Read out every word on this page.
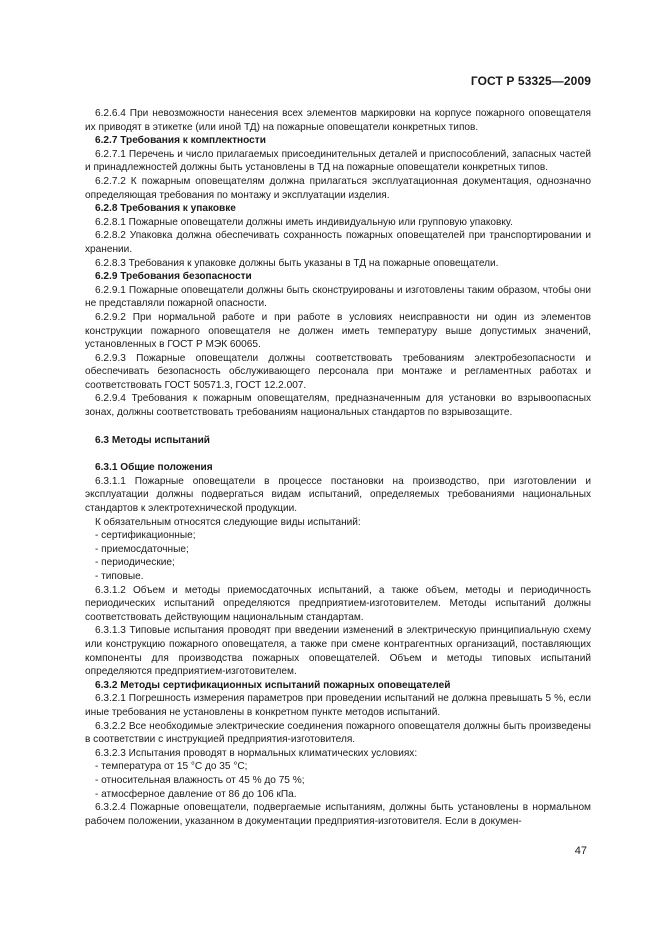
ГОСТ Р 53325—2009
6.2.6.4 При невозможности нанесения всех элементов маркировки на корпусе пожарного оповещателя их приводят в этикетке (или иной ТД) на пожарные оповещатели конкретных типов.
6.2.7 Требования к комплектности
6.2.7.1 Перечень и число прилагаемых присоединительных деталей и приспособлений, запасных частей и принадлежностей должны быть установлены в ТД на пожарные оповещатели конкретных типов.
6.2.7.2 К пожарным оповещателям должна прилагаться эксплуатационная документация, однозначно определяющая требования по монтажу и эксплуатации изделия.
6.2.8 Требования к упаковке
6.2.8.1 Пожарные оповещатели должны иметь индивидуальную или групповую упаковку.
6.2.8.2 Упаковка должна обеспечивать сохранность пожарных оповещателей при транспортировании и хранении.
6.2.8.3 Требования к упаковке должны быть указаны в ТД на пожарные оповещатели.
6.2.9 Требования безопасности
6.2.9.1 Пожарные оповещатели должны быть сконструированы и изготовлены таким образом, чтобы они не представляли пожарной опасности.
6.2.9.2 При нормальной работе и при работе в условиях неисправности ни один из элементов конструкции пожарного оповещателя не должен иметь температуру выше допустимых значений, установленных в ГОСТ Р МЭК 60065.
6.2.9.3 Пожарные оповещатели должны соответствовать требованиям электробезопасности и обеспечивать безопасность обслуживающего персонала при монтаже и регламентных работах и соответствовать ГОСТ 50571.3, ГОСТ 12.2.007.
6.2.9.4 Требования к пожарным оповещателям, предназначенным для установки во взрывоопасных зонах, должны соответствовать требованиям национальных стандартов по взрывозащите.
6.3 Методы испытаний
6.3.1 Общие положения
6.3.1.1 Пожарные оповещатели в процессе постановки на производство, при изготовлении и эксплуатации должны подвергаться видам испытаний, определяемых требованиями национальных стандартов к электротехнической продукции.
К обязательным относятся следующие виды испытаний:
- сертификационные;
- приемосдаточные;
- периодические;
- типовые.
6.3.1.2 Объем и методы приемосдаточных испытаний, а также объем, методы и периодичность периодических испытаний определяются предприятием-изготовителем. Методы испытаний должны соответствовать действующим национальным стандартам.
6.3.1.3 Типовые испытания проводят при введении изменений в электрическую принципиальную схему или конструкцию пожарного оповещателя, а также при смене контрагентных организаций, поставляющих компоненты для производства пожарных оповещателей. Объем и методы типовых испытаний определяются предприятием-изготовителем.
6.3.2 Методы сертификационных испытаний пожарных оповещателей
6.3.2.1 Погрешность измерения параметров при проведении испытаний не должна превышать 5 %, если иные требования не установлены в конкретном пункте методов испытаний.
6.3.2.2 Все необходимые электрические соединения пожарного оповещателя должны быть произведены в соответствии с инструкцией предприятия-изготовителя.
6.3.2.3 Испытания проводят в нормальных климатических условиях:
- температура от 15 °С до 35 °С;
- относительная влажность от 45 % до 75 %;
- атмосферное давление от 86 до 106 кПа.
6.3.2.4 Пожарные оповещатели, подвергаемые испытаниям, должны быть установлены в нормальном рабочем положении, указанном в документации предприятия-изготовителя. Если в докумен-
47
